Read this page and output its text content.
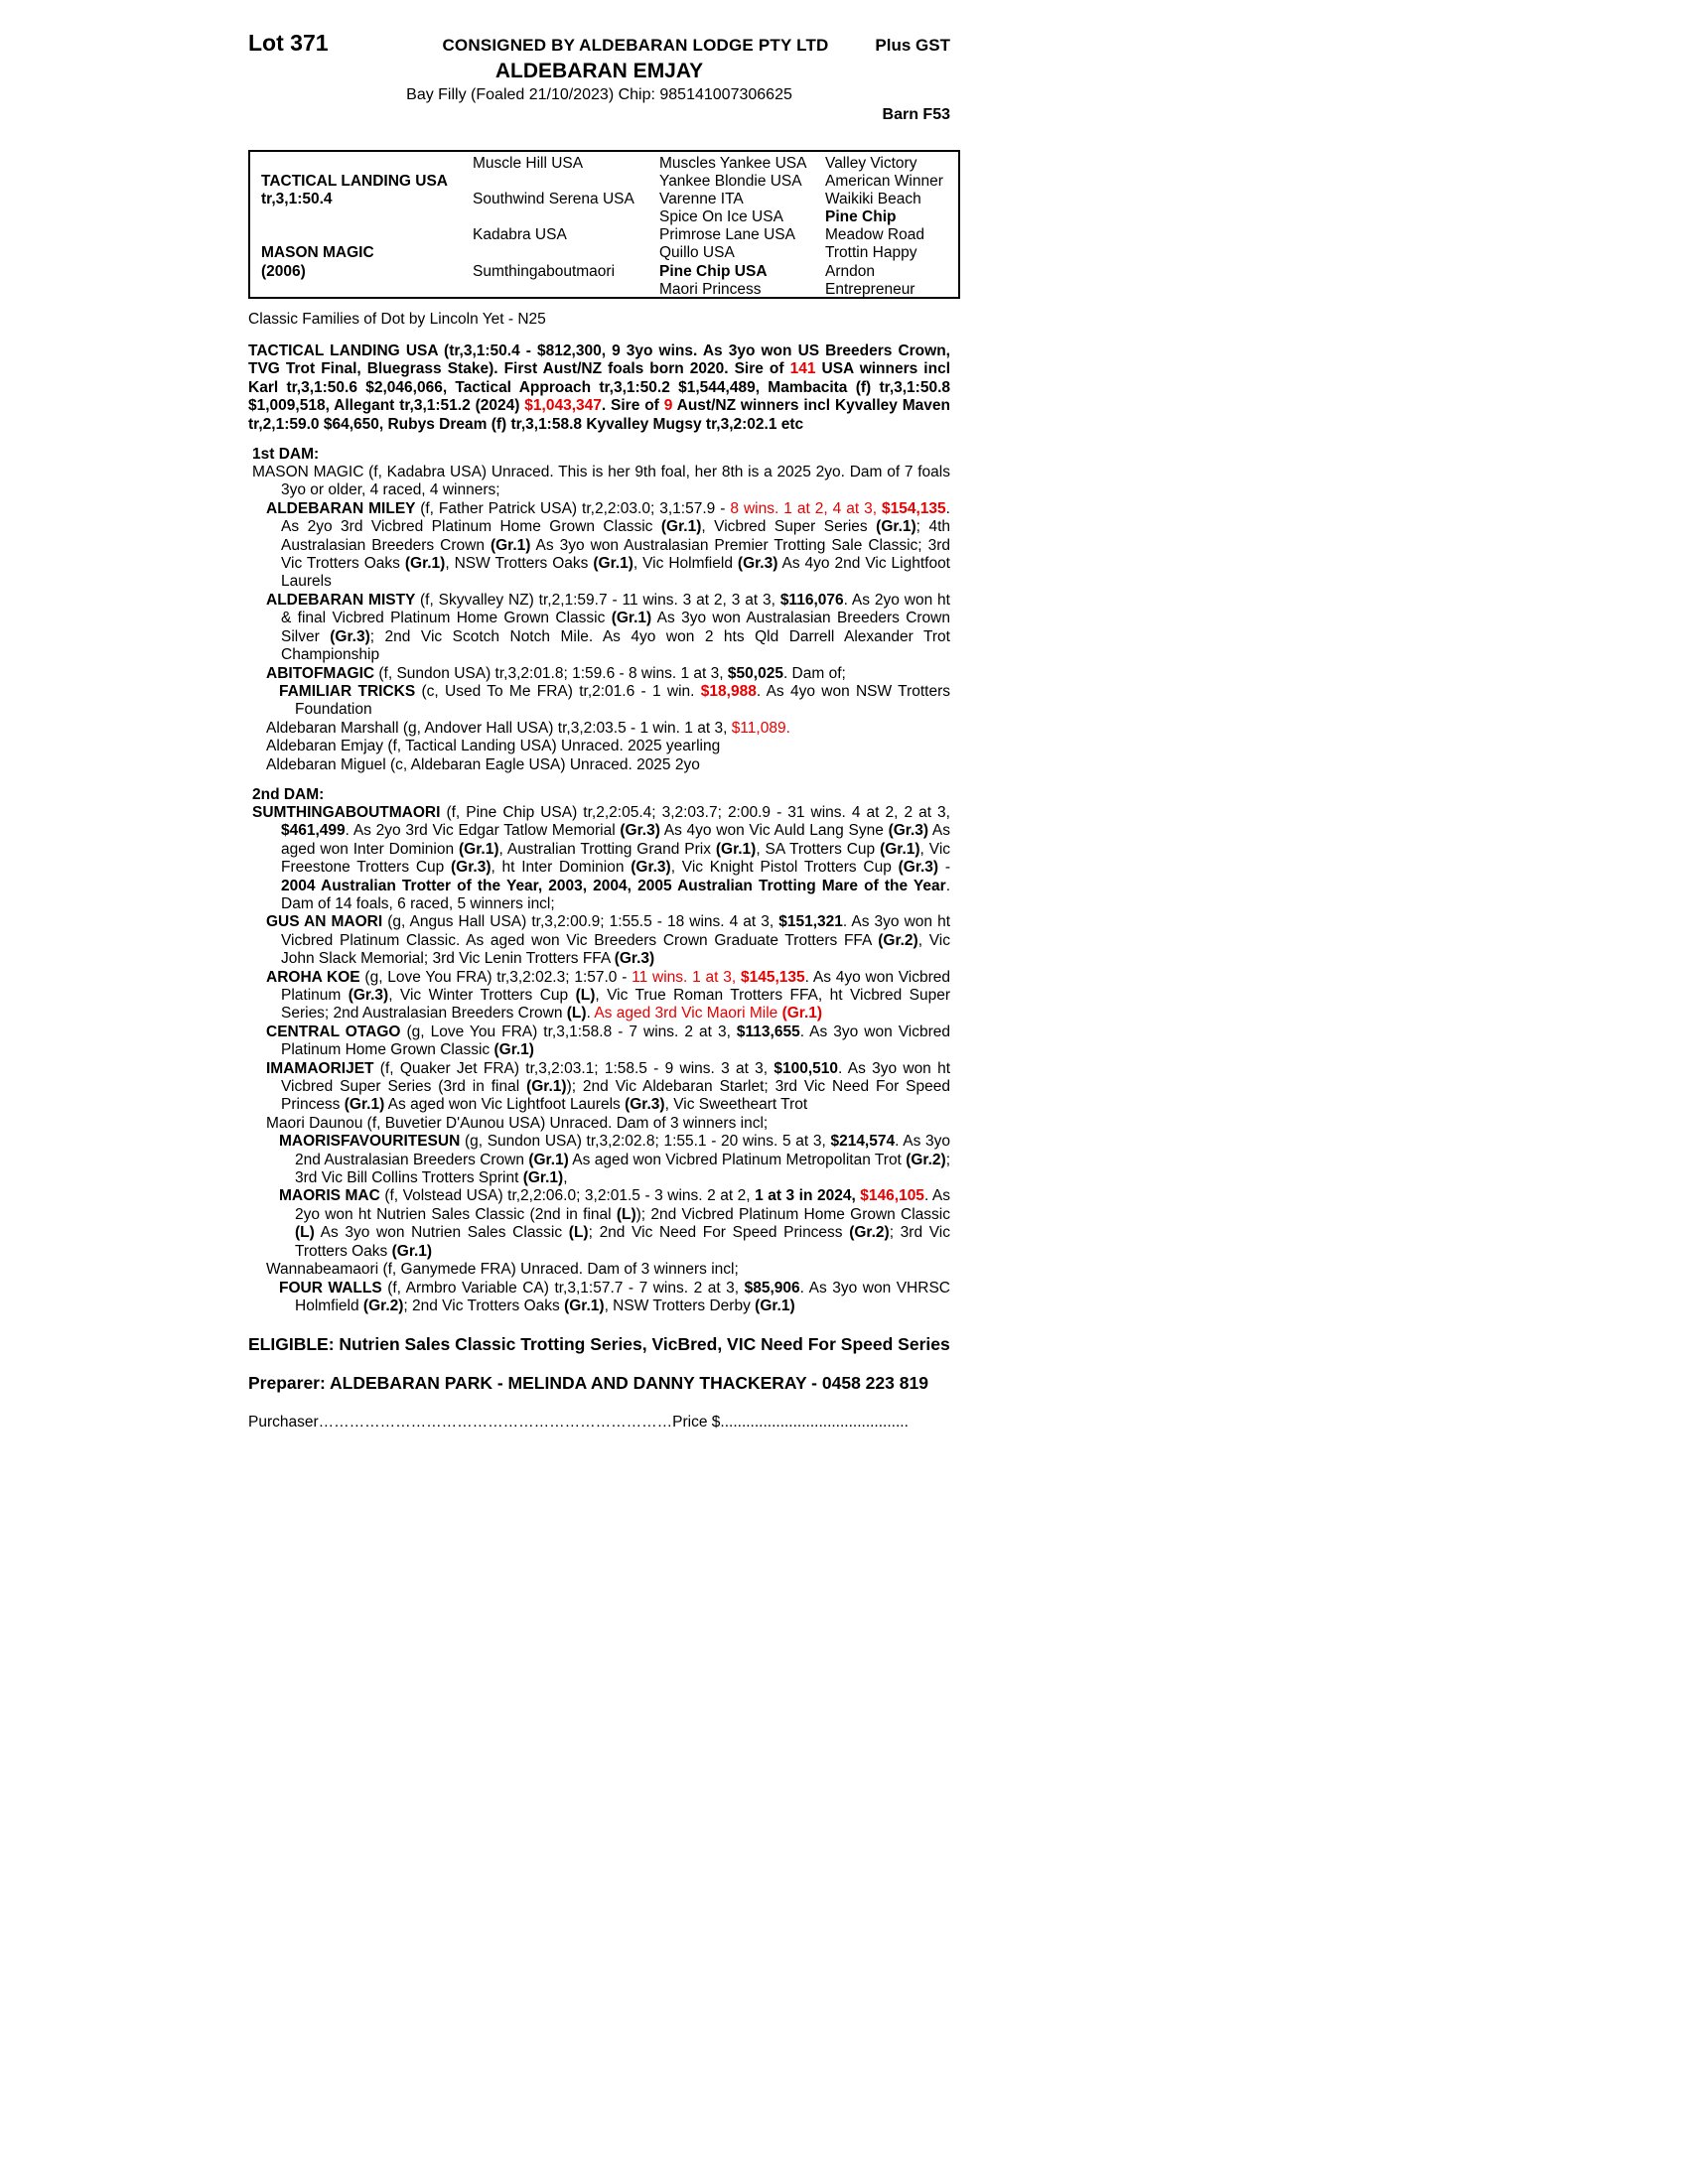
Lot 371	CONSIGNED BY ALDEBARAN LODGE PTY LTD	Plus GST
ALDEBARAN EMJAY
Bay Filly (Foaled 21/10/2023) Chip: 985141007306625
Barn F53
TACTICAL LANDING USA
tr,3,1:50.4
MASON MAGIC
(2006)
Muscle Hill USA
Southwind Serena USA
Kadabra USA
Sumthingaboutmaori
Muscles Yankee USA
Yankee Blondie USA
Varenne ITA
Spice On Ice USA
Primrose Lane USA
Quillo USA
Pine Chip USA
Maori Princess
Valley Victory
American Winner
Waikiki Beach
Pine Chip
Meadow Road
Trottin Happy
Arndon
Entrepreneur

Classic Families of Dot by Lincoln Yet - N25

TACTICAL LANDING USA (tr,3,1:50.4 - $812,300, 9 3yo wins. As 3yo won US Breeders Crown, TVG Trot Final, Bluegrass Stake). First Aust/NZ foals born 2020. Sire of 141 USA winners incl Karl tr,3,1:50.6 $2,046,066, Tactical Approach tr,3,1:50.2 $1,544,489, Mambacita (f) tr,3,1:50.8 $1,009,518, Allegant tr,3,1:51.2 (2024) $1,043,347. Sire of 9 Aust/NZ winners incl Kyvalley Maven tr,2,1:59.0 $64,650, Rubys Dream (f) tr,3,1:58.8 Kyvalley Mugsy tr,3,2:02.1 etc

1st DAM:

MASON MAGIC (f, Kadabra USA) Unraced. This is her 9th foal, her 8th is a 2025 2yo. Dam of 7 foals 3yo or older, 4 raced, 4 winners;

ALDEBARAN MILEY (f, Father Patrick USA) tr,2,2:03.0; 3,1:57.9 - 8 wins. 1 at 2, 4 at 3, $154,135. As 2yo 3rd Vicbred Platinum Home Grown Classic (Gr.1), Vicbred Super Series (Gr.1); 4th Australasian Breeders Crown (Gr.1) As 3yo won Australasian Premier Trotting Sale Classic; 3rd Vic Trotters Oaks (Gr.1), NSW Trotters Oaks (Gr.1), Vic Holmfield (Gr.3) As 4yo 2nd Vic Lightfoot Laurels

ALDEBARAN MISTY (f, Skyvalley NZ) tr,2,1:59.7 - 11 wins. 3 at 2, 3 at 3, $116,076. As 2yo won ht & final Vicbred Platinum Home Grown Classic (Gr.1) As 3yo won Australasian Breeders Crown Silver (Gr.3); 2nd Vic Scotch Notch Mile. As 4yo won 2 hts Qld Darrell Alexander Trot Championship

ABITOFMAGIC (f, Sundon USA) tr,3,2:01.8; 1:59.6 - 8 wins. 1 at 3, $50,025. Dam of;

FAMILIAR TRICKS (c, Used To Me FRA) tr,2:01.6 - 1 win. $18,988. As 4yo won NSW Trotters Foundation

Aldebaran Marshall (g, Andover Hall USA) tr,3,2:03.5 - 1 win. 1 at 3, $11,089.

Aldebaran Emjay (f, Tactical Landing USA) Unraced. 2025 yearling

Aldebaran Miguel (c, Aldebaran Eagle USA) Unraced. 2025 2yo

2nd DAM:

SUMTHINGABOUTMAORI (f, Pine Chip USA) tr,2,2:05.4; 3,2:03.7; 2:00.9 - 31 wins. 4 at 2, 2 at 3, $461,499. As 2yo 3rd Vic Edgar Tatlow Memorial (Gr.3) As 4yo won Vic Auld Lang Syne (Gr.3) As aged won Inter Dominion (Gr.1), Australian Trotting Grand Prix (Gr.1), SA Trotters Cup (Gr.1), Vic Freestone Trotters Cup (Gr.3), ht Inter Dominion (Gr.3), Vic Knight Pistol Trotters Cup (Gr.3) - 2004 Australian Trotter of the Year, 2003, 2004, 2005 Australian Trotting Mare of the Year. Dam of 14 foals, 6 raced, 5 winners incl;

GUS AN MAORI (g, Angus Hall USA) tr,3,2:00.9; 1:55.5 - 18 wins. 4 at 3, $151,321. As 3yo won ht Vicbred Platinum Classic. As aged won Vic Breeders Crown Graduate Trotters FFA (Gr.2), Vic John Slack Memorial; 3rd Vic Lenin Trotters FFA (Gr.3)

AROHA KOE (g, Love You FRA) tr,3,2:02.3; 1:57.0 - 11 wins. 1 at 3, $145,135. As 4yo won Vicbred Platinum (Gr.3), Vic Winter Trotters Cup (L), Vic True Roman Trotters FFA, ht Vicbred Super Series; 2nd Australasian Breeders Crown (L). As aged 3rd Vic Maori Mile (Gr.1)

CENTRAL OTAGO (g, Love You FRA) tr,3,1:58.8 - 7 wins. 2 at 3, $113,655. As 3yo won Vicbred Platinum Home Grown Classic (Gr.1)

IMAMAORIJET (f, Quaker Jet FRA) tr,3,2:03.1; 1:58.5 - 9 wins. 3 at 3, $100,510. As 3yo won ht Vicbred Super Series (3rd in final (Gr.1)); 2nd Vic Aldebaran Starlet; 3rd Vic Need For Speed Princess (Gr.1) As aged won Vic Lightfoot Laurels (Gr.3), Vic Sweetheart Trot

Maori Daunou (f, Buvetier D'Aunou USA) Unraced. Dam of 3 winners incl;

MAORISFAVOURITESUN (g, Sundon USA) tr,3,2:02.8; 1:55.1 - 20 wins. 5 at 3, $214,574. As 3yo 2nd Australasian Breeders Crown (Gr.1) As aged won Vicbred Platinum Metropolitan Trot (Gr.2); 3rd Vic Bill Collins Trotters Sprint (Gr.1),

MAORIS MAC (f, Volstead USA) tr,2,2:06.0; 3,2:01.5 - 3 wins. 2 at 2, 1 at 3 in 2024, $146,105. As 2yo won ht Nutrien Sales Classic (2nd in final (L)); 2nd Vicbred Platinum Home Grown Classic (L) As 3yo won Nutrien Sales Classic (L); 2nd Vic Need For Speed Princess (Gr.2); 3rd Vic Trotters Oaks (Gr.1)

Wannabeamaori (f, Ganymede FRA) Unraced. Dam of 3 winners incl;

FOUR WALLS (f, Armbro Variable CA) tr,3,1:57.7 - 7 wins. 2 at 3, $85,906. As 3yo won VHRSC Holmfield (Gr.2); 2nd Vic Trotters Oaks (Gr.1), NSW Trotters Derby (Gr.1)

ELIGIBLE: Nutrien Sales Classic Trotting Series, VicBred, VIC Need For Speed Series

Preparer: ALDEBARAN PARK - MELINDA AND DANNY THACKERAY - 0458 223 819

Purchaser……………………………………………………………Price $............................................
